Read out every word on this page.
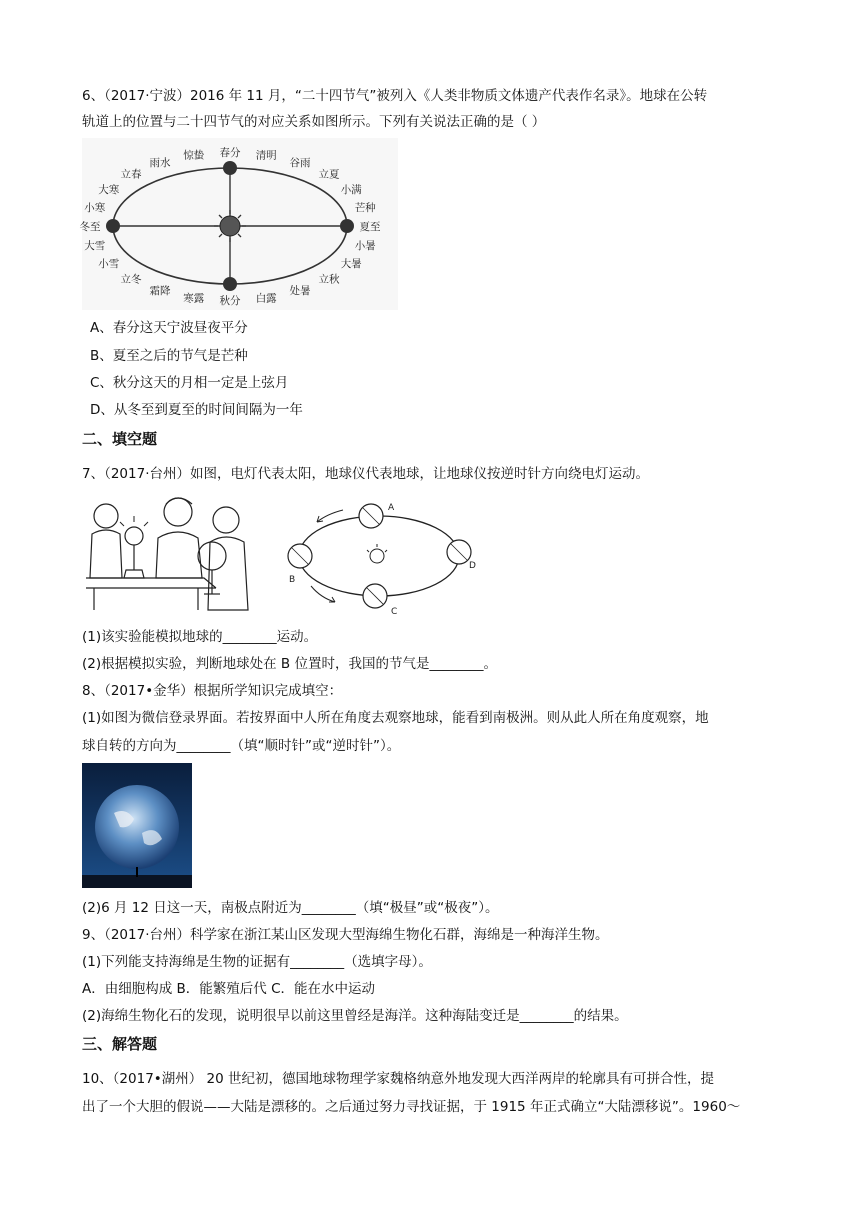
6、（2017·宁波）2016 年 11 月，“二十四节气”被列入《人类非物质文体遗产代表作名录》。地球在公转
轨道上的位置与二十四节气的对应关系如图所示。下列有关说法正确的是（ ）
冬至
小寒
大寒
立春
雨水
惊蛰 春分 清明
谷雨
立夏
小满
芒种
夏至
小暑
大暑
立秋
处暑
白露
秋分
寒露
霜降
立冬
小雪
大雪
A、春分这天宁波昼夜平分
B、夏至之后的节气是芒种
C、秋分这天的月相一定是上弦月
D、从冬至到夏至的时间间隔为一年
二、填空题
7、（2017·台州）如图，电灯代表太阳，地球仪代表地球，让地球仪按逆时针方向绕电灯运动。
A
B
C
D
(1)该实验能模拟地球的________运动。
(2)根据模拟实验，判断地球处在 B 位置时，我国的节气是________。
8、（2017•金华）根据所学知识完成填空：
(1)如图为微信登录界面。若按界面中人所在角度去观察地球，能看到南极洲。则从此人所在角度观察，地
球自转的方向为________（填“顺时针”或“逆时针”）。
(2)6 月 12 日这一天，南极点附近为________（填“极昼”或“极夜”）。
9、（2017·台州）科学家在浙江某山区发现大型海绵生物化石群，海绵是一种海洋生物。
(1)下列能支持海绵是生物的证据有________（选填字母）。
A．由细胞构成 B．能繁殖后代 C．能在水中运动
(2)海绵生物化石的发现，说明很早以前这里曾经是海洋。这种海陆变迁是________的结果。
三、解答题
10、（2017•湖州） 20 世纪初，德国地球物理学家魏格纳意外地发现大西洋两岸的轮廓具有可拼合性，提
出了一个大胆的假说——大陆是漂移的。之后通过努力寻找证据，于 1915 年正式确立“大陆漂移说”。1960～
